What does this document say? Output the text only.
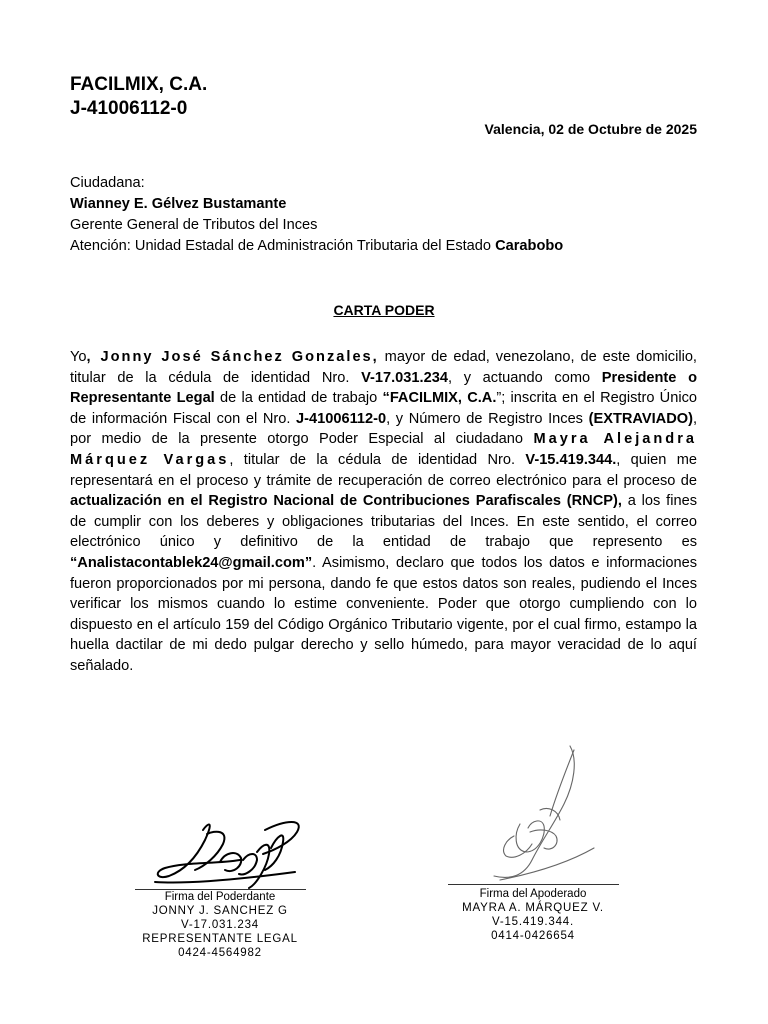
FACILMIX, C.A.
J-41006112-0
Valencia, 02 de Octubre de 2025
Ciudadana:
Wianney E. Gélvez Bustamante
Gerente General de Tributos del Inces
Atención: Unidad Estadal de Administración Tributaria del Estado Carabobo
CARTA PODER
Yo, Jonny José Sánchez Gonzales, mayor de edad, venezolano, de este domicilio, titular de la cédula de identidad Nro. V-17.031.234, y actuando como Presidente o Representante Legal de la entidad de trabajo “FACILMIX, C.A.”; inscrita en el Registro Único de información Fiscal con el Nro. J-41006112-0, y Número de Registro Inces (EXTRAVIADO), por medio de la presente otorgo Poder Especial al ciudadano Mayra Alejandra Márquez Vargas, titular de la cédula de identidad Nro. V-15.419.344., quien me representará en el proceso y trámite de recuperación de correo electrónico para el proceso de actualización en el Registro Nacional de Contribuciones Parafiscales (RNCP), a los fines de cumplir con los deberes y obligaciones tributarias del Inces. En este sentido, el correo electrónico único y definitivo de la entidad de trabajo que represento es “Analistacontablek24@gmail.com”. Asimismo, declaro que todos los datos e informaciones fueron proporcionados por mi persona, dando fe que estos datos son reales, pudiendo el Inces verificar los mismos cuando lo estime conveniente. Poder que otorgo cumpliendo con lo dispuesto en el artículo 159 del Código Orgánico Tributario vigente, por el cual firmo, estampo la huella dactilar de mi dedo pulgar derecho y sello húmedo, para mayor veracidad de lo aquí señalado.
Firma del Poderdante
JONNY J. SANCHEZ G
V-17.031.234
REPRESENTANTE LEGAL
0424-4564982
Firma del Apoderado
MAYRA A. MÁRQUEZ V.
V-15.419.344.
0414-0426654
